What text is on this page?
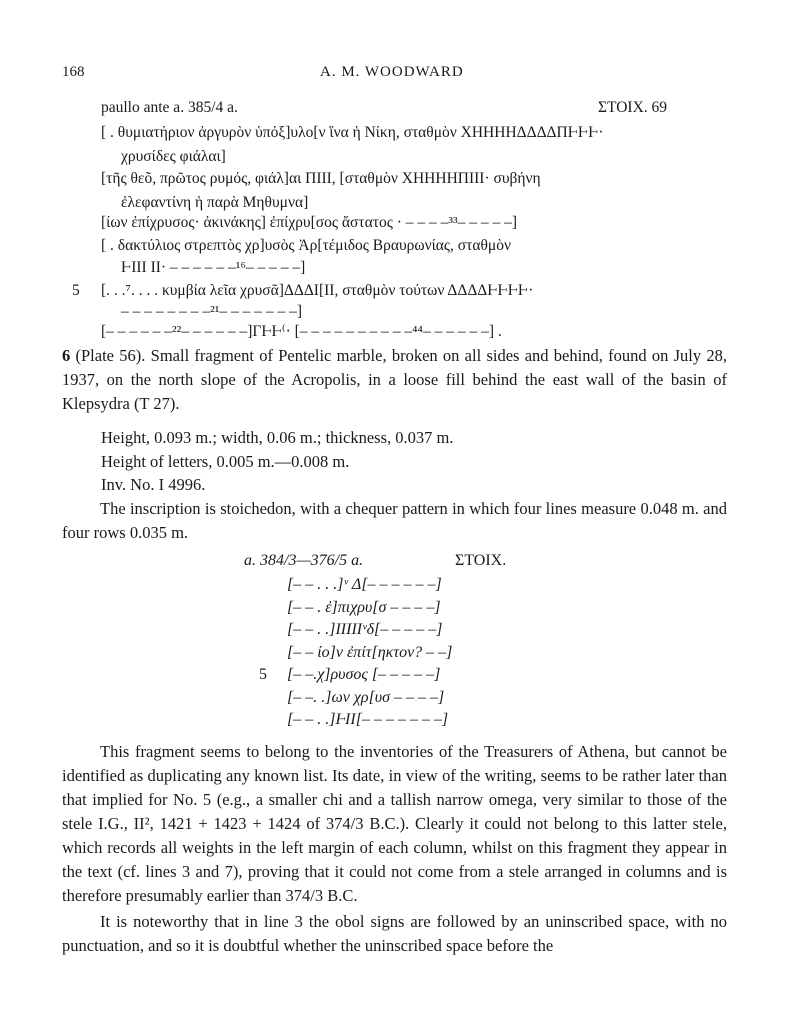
168	A. M. WOODWARD
paullo ante a. 385/4 a.	ΣΤΟΙΧ. 69
[ . θυμιατήριον ἀργυρὸν ὑπόξ]υλο[ν ἵνα ἡ Νίκη, σταθμὸν ΧΗΗΗΗΔΔΔΔΠⱵⱵⱵ·
χρυσίδες φιάλαι]
[τῆς θεõ, πρῶτος ρυμός, φιάλ]αι ΠIII, [σταθμὸν ΧΗΗΗΗΠIII· συβήνη
ἐλεφαντίνη ἡ παρὰ Μηθυμνα]
[ίων ἐπίχρυσος· ἀκινάκης] ἐπίχρυ[σος ἄστατος · – – – –³³– – – – –]
[ . δακτύλιος στρεπτὸς χρ]υσὸς Ἀρ[τέμιδος Βραυρωνίας, σταθμὸν
ⱵIII II· – – – – – –¹⁶– – – – –]
5 [. . .⁷. . . . κυμβία λεῖα χρυσᾶ]ΔΔΔΙ[ΙΙ, σταθμὸν τούτων ΔΔΔΔⱵⱵⱵⱵ·
– – – – – – – –²¹– – – – – – –]
[– – – – – –²²– – – – – –]ΓⱵⱵ⁽· [– – – – – – – – – –⁴⁴– – – – – –] .
6 (Plate 56). Small fragment of Pentelic marble, broken on all sides and behind, found on July 28, 1937, on the north slope of the Acropolis, in a loose fill behind the east wall of the basin of Klepsydra (T 27).
Height, 0.093 m.; width, 0.06 m.; thickness, 0.037 m.
Height of letters, 0.005 m.—0.008 m.
Inv. No. I 4996.
The inscription is stoichedon, with a chequer pattern in which four lines measure 0.048 m. and four rows 0.035 m.
a. 384/3—376/5 a.	ΣΤΟΙΧ.
[– – . . .]ᵛ Δ[– – – – – –]
[– – . ἐ]πιχρυ[σ – – – –]
[– – . .]IIIIIᵛδ[– – – – –]
[– – ίο]ν ἐπίτ[ηκτον? – –]
5 [– –.χ]ρυσος [– – – – –]
[– –. .]ων χρ[υσ – – – –]
[– – . .]ⱵII[– – – – – – –]
This fragment seems to belong to the inventories of the Treasurers of Athena, but cannot be identified as duplicating any known list. Its date, in view of the writing, seems to be rather later than that implied for No. 5 (e.g., a smaller chi and a tallish narrow omega, very similar to those of the stele I.G., II², 1421 + 1423 + 1424 of 374/3 B.C.). Clearly it could not belong to this latter stele, which records all weights in the left margin of each column, whilst on this fragment they appear in the text (cf. lines 3 and 7), proving that it could not come from a stele arranged in columns and is therefore presumably earlier than 374/3 B.C.
It is noteworthy that in line 3 the obol signs are followed by an uninscribed space, with no punctuation, and so it is doubtful whether the uninscribed space before the
